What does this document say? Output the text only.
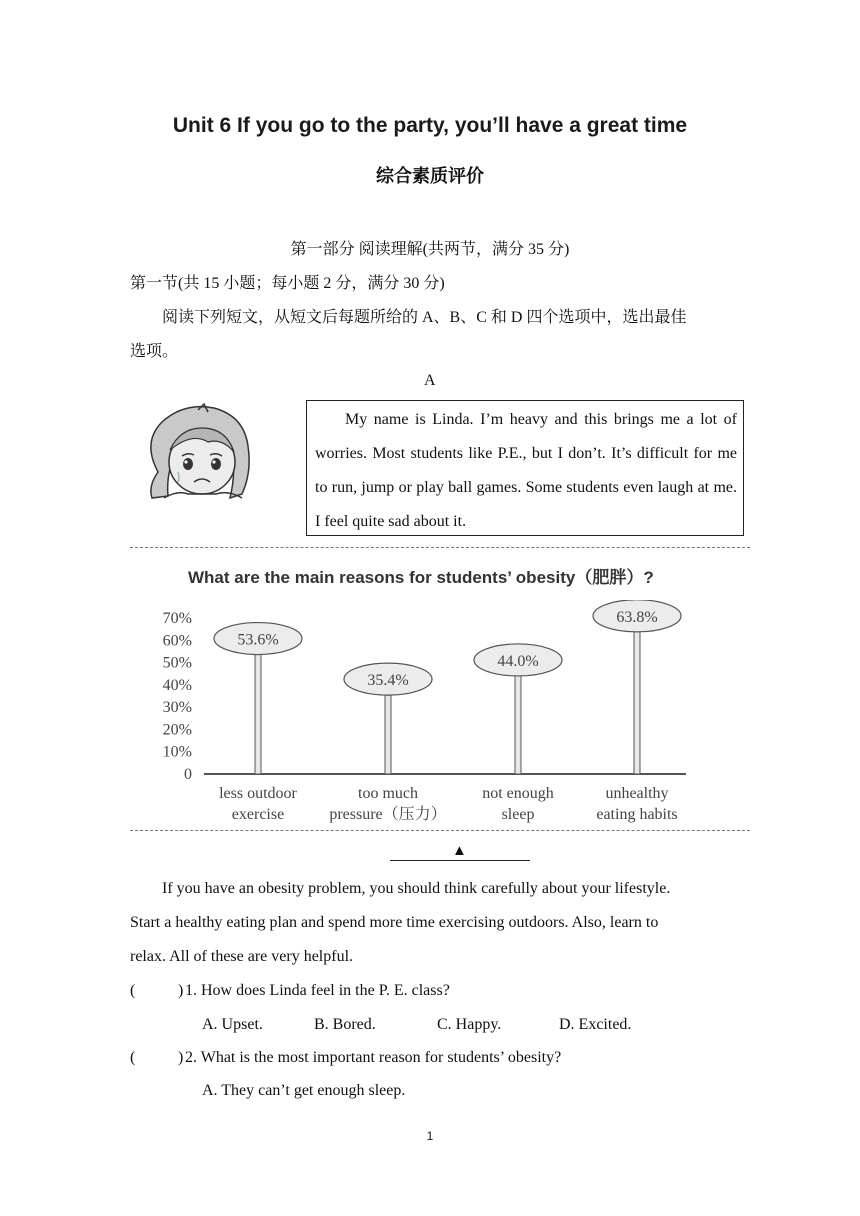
Unit 6 If you go to the party, you’ll have a great time
综合素质评价
第一部分 阅读理解(共两节，满分 35 分)
第一节(共 15 小题；每小题 2 分，满分 30 分)
阅读下列短文，从短文后每题所给的 A、B、C 和 D 四个选项中，选出最佳
选项。
A
My name is Linda. I’m heavy and this brings me a lot of worries. Most students like P.E., but I don’t. It’s difficult for me to run, jump or play ball games. Some students even laugh at me. I feel quite sad about it.
What are the main reasons for students’ obesity（肥胖）?
70%
60%
50%
40%
30%
20%
10%
0
53.6%
less outdoor
exercise
35.4%
too much
pressure（压力）
44.0%
not enough
sleep
63.8%
unhealthy
eating habits
▲
If you have an obesity problem, you should think carefully about your lifestyle.
Start a healthy eating plan and spend more time exercising outdoors. Also, learn to
relax. All of these are very helpful.
(	) 1. How does Linda feel in the P. E. class?
A. Upset.	B. Bored.	C. Happy.	D. Excited.
(	) 2. What is the most important reason for students’ obesity?
A. They can’t get enough sleep.
1
